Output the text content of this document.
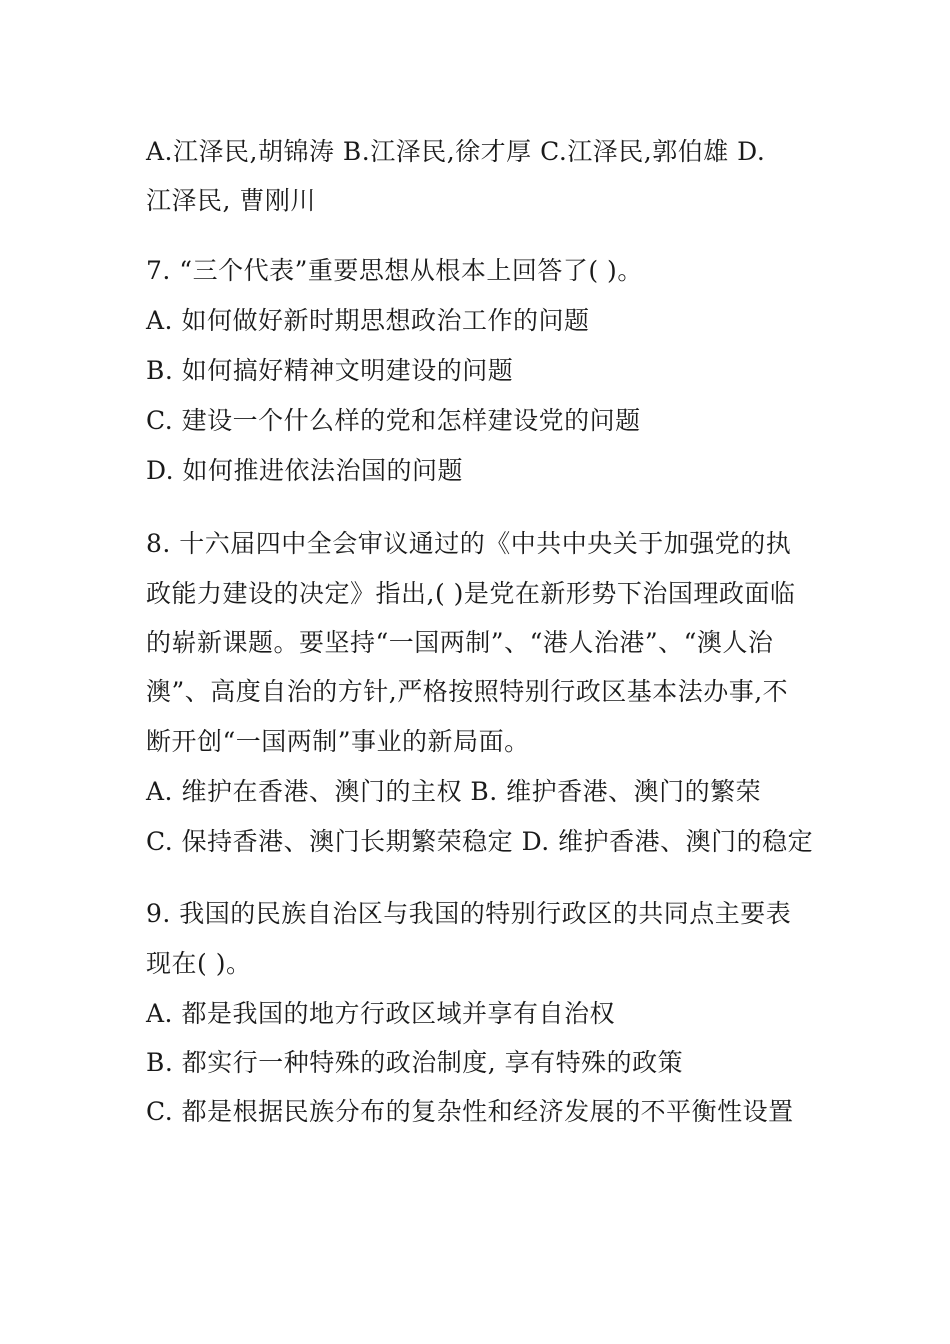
A.江泽民,胡锦涛 B.江泽民,徐才厚 C.江泽民,郭伯雄 D.
江泽民, 曹刚川
7. “三个代表”重要思想从根本上回答了( )。
A. 如何做好新时期思想政治工作的问题
B. 如何搞好精神文明建设的问题
C. 建设一个什么样的党和怎样建设党的问题
D. 如何推进依法治国的问题
8. 十六届四中全会审议通过的《中共中央关于加强党的执
政能力建设的决定》指出,( )是党在新形势下治国理政面临
的崭新课题。要坚持“一国两制”、“港人治港”、“澳人治
澳”、高度自治的方针,严格按照特别行政区基本法办事,不
断开创“一国两制”事业的新局面。
A. 维护在香港、澳门的主权 B. 维护香港、澳门的繁荣
C. 保持香港、澳门长期繁荣稳定 D. 维护香港、澳门的稳定
9. 我国的民族自治区与我国的特别行政区的共同点主要表
现在( )。
A. 都是我国的地方行政区域并享有自治权
B. 都实行一种特殊的政治制度, 享有特殊的政策
C. 都是根据民族分布的复杂性和经济发展的不平衡性设置
